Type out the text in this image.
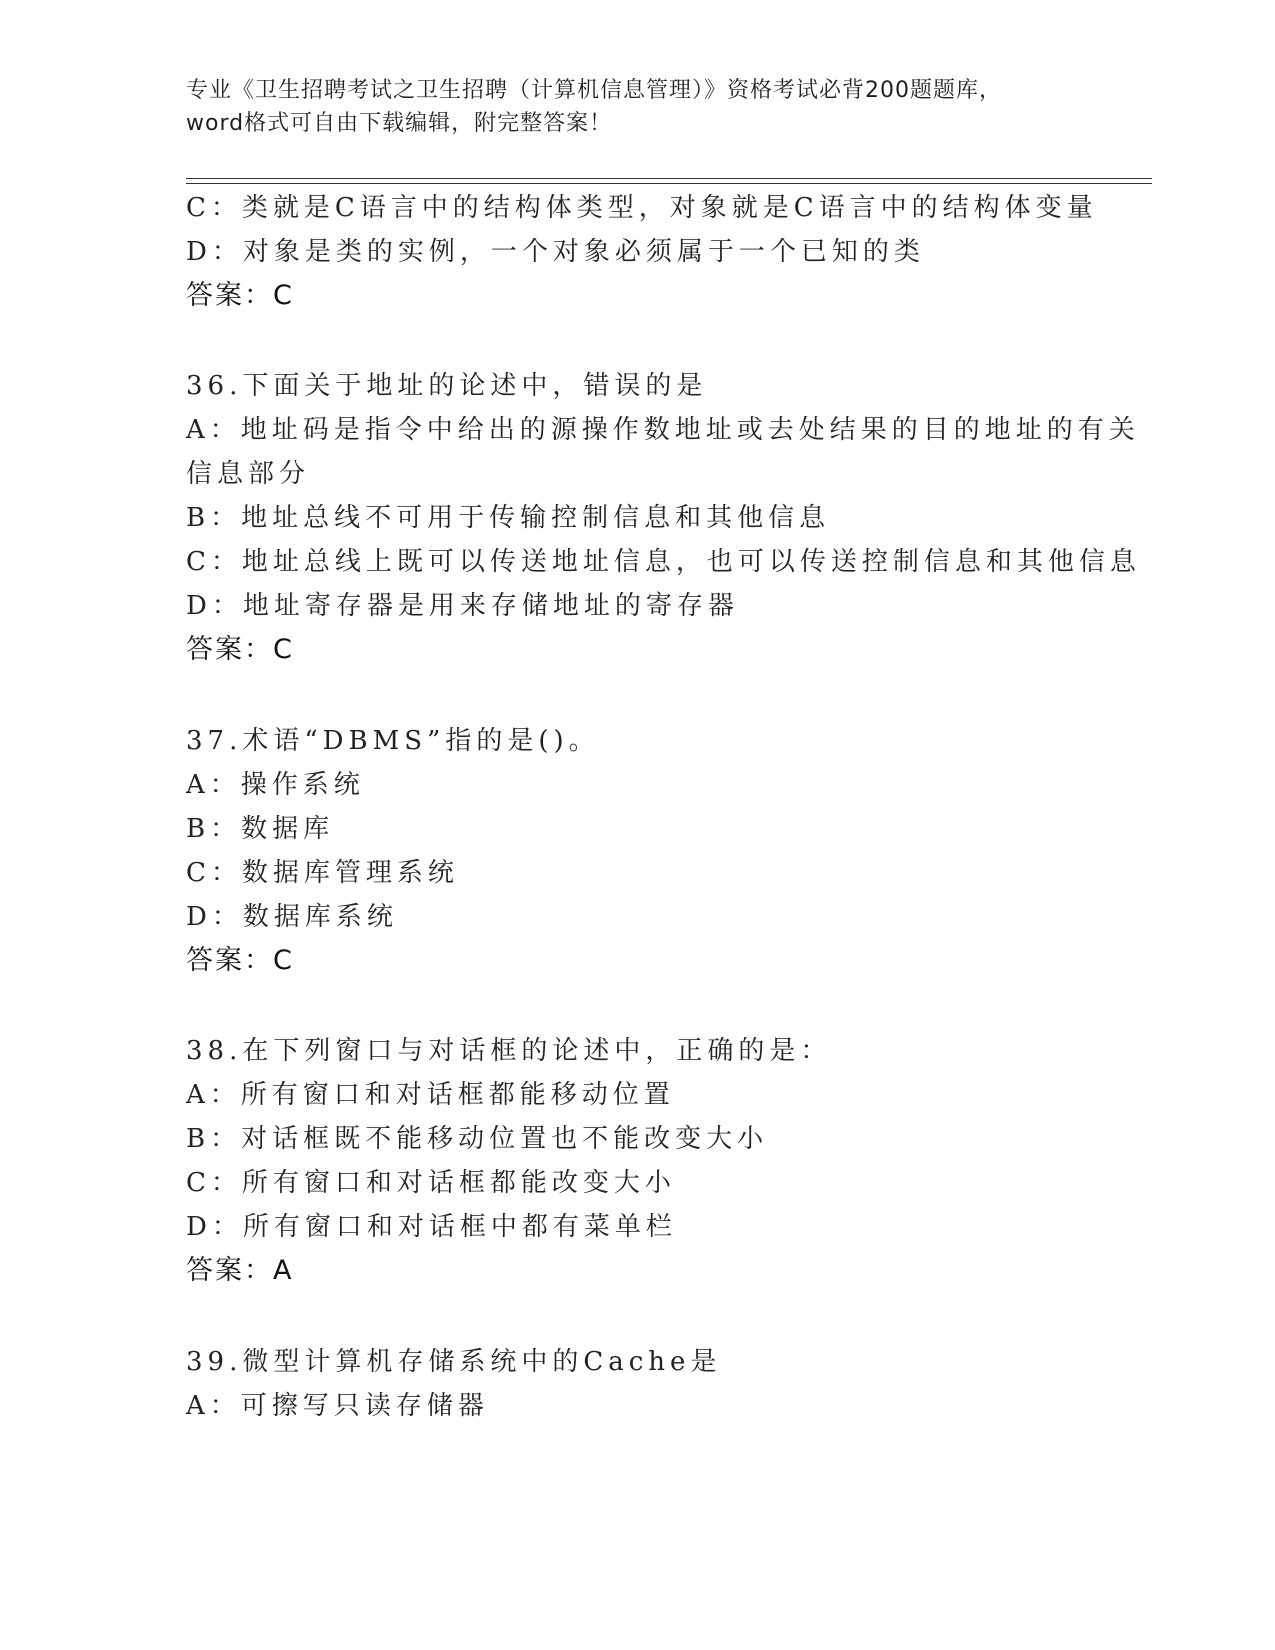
专业《卫生招聘考试之卫生招聘（计算机信息管理）》资格考试必背200题题库，
word格式可自由下载编辑，附完整答案！
C：类就是C语言中的结构体类型，对象就是C语言中的结构体变量
D：对象是类的实例，一个对象必须属于一个已知的类
答案：C
36.下面关于地址的论述中，错误的是
A：地址码是指令中给出的源操作数地址或去处结果的目的地址的有关
信息部分
B：地址总线不可用于传输控制信息和其他信息
C：地址总线上既可以传送地址信息，也可以传送控制信息和其他信息
D：地址寄存器是用来存储地址的寄存器
答案：C
37.术语“DBMS”指的是()。
A：操作系统
B：数据库
C：数据库管理系统
D：数据库系统
答案：C
38.在下列窗口与对话框的论述中，正确的是：
A：所有窗口和对话框都能移动位置
B：对话框既不能移动位置也不能改变大小
C：所有窗口和对话框都能改变大小
D：所有窗口和对话框中都有菜单栏
答案：A
39.微型计算机存储系统中的Cache是
A：可擦写只读存储器
